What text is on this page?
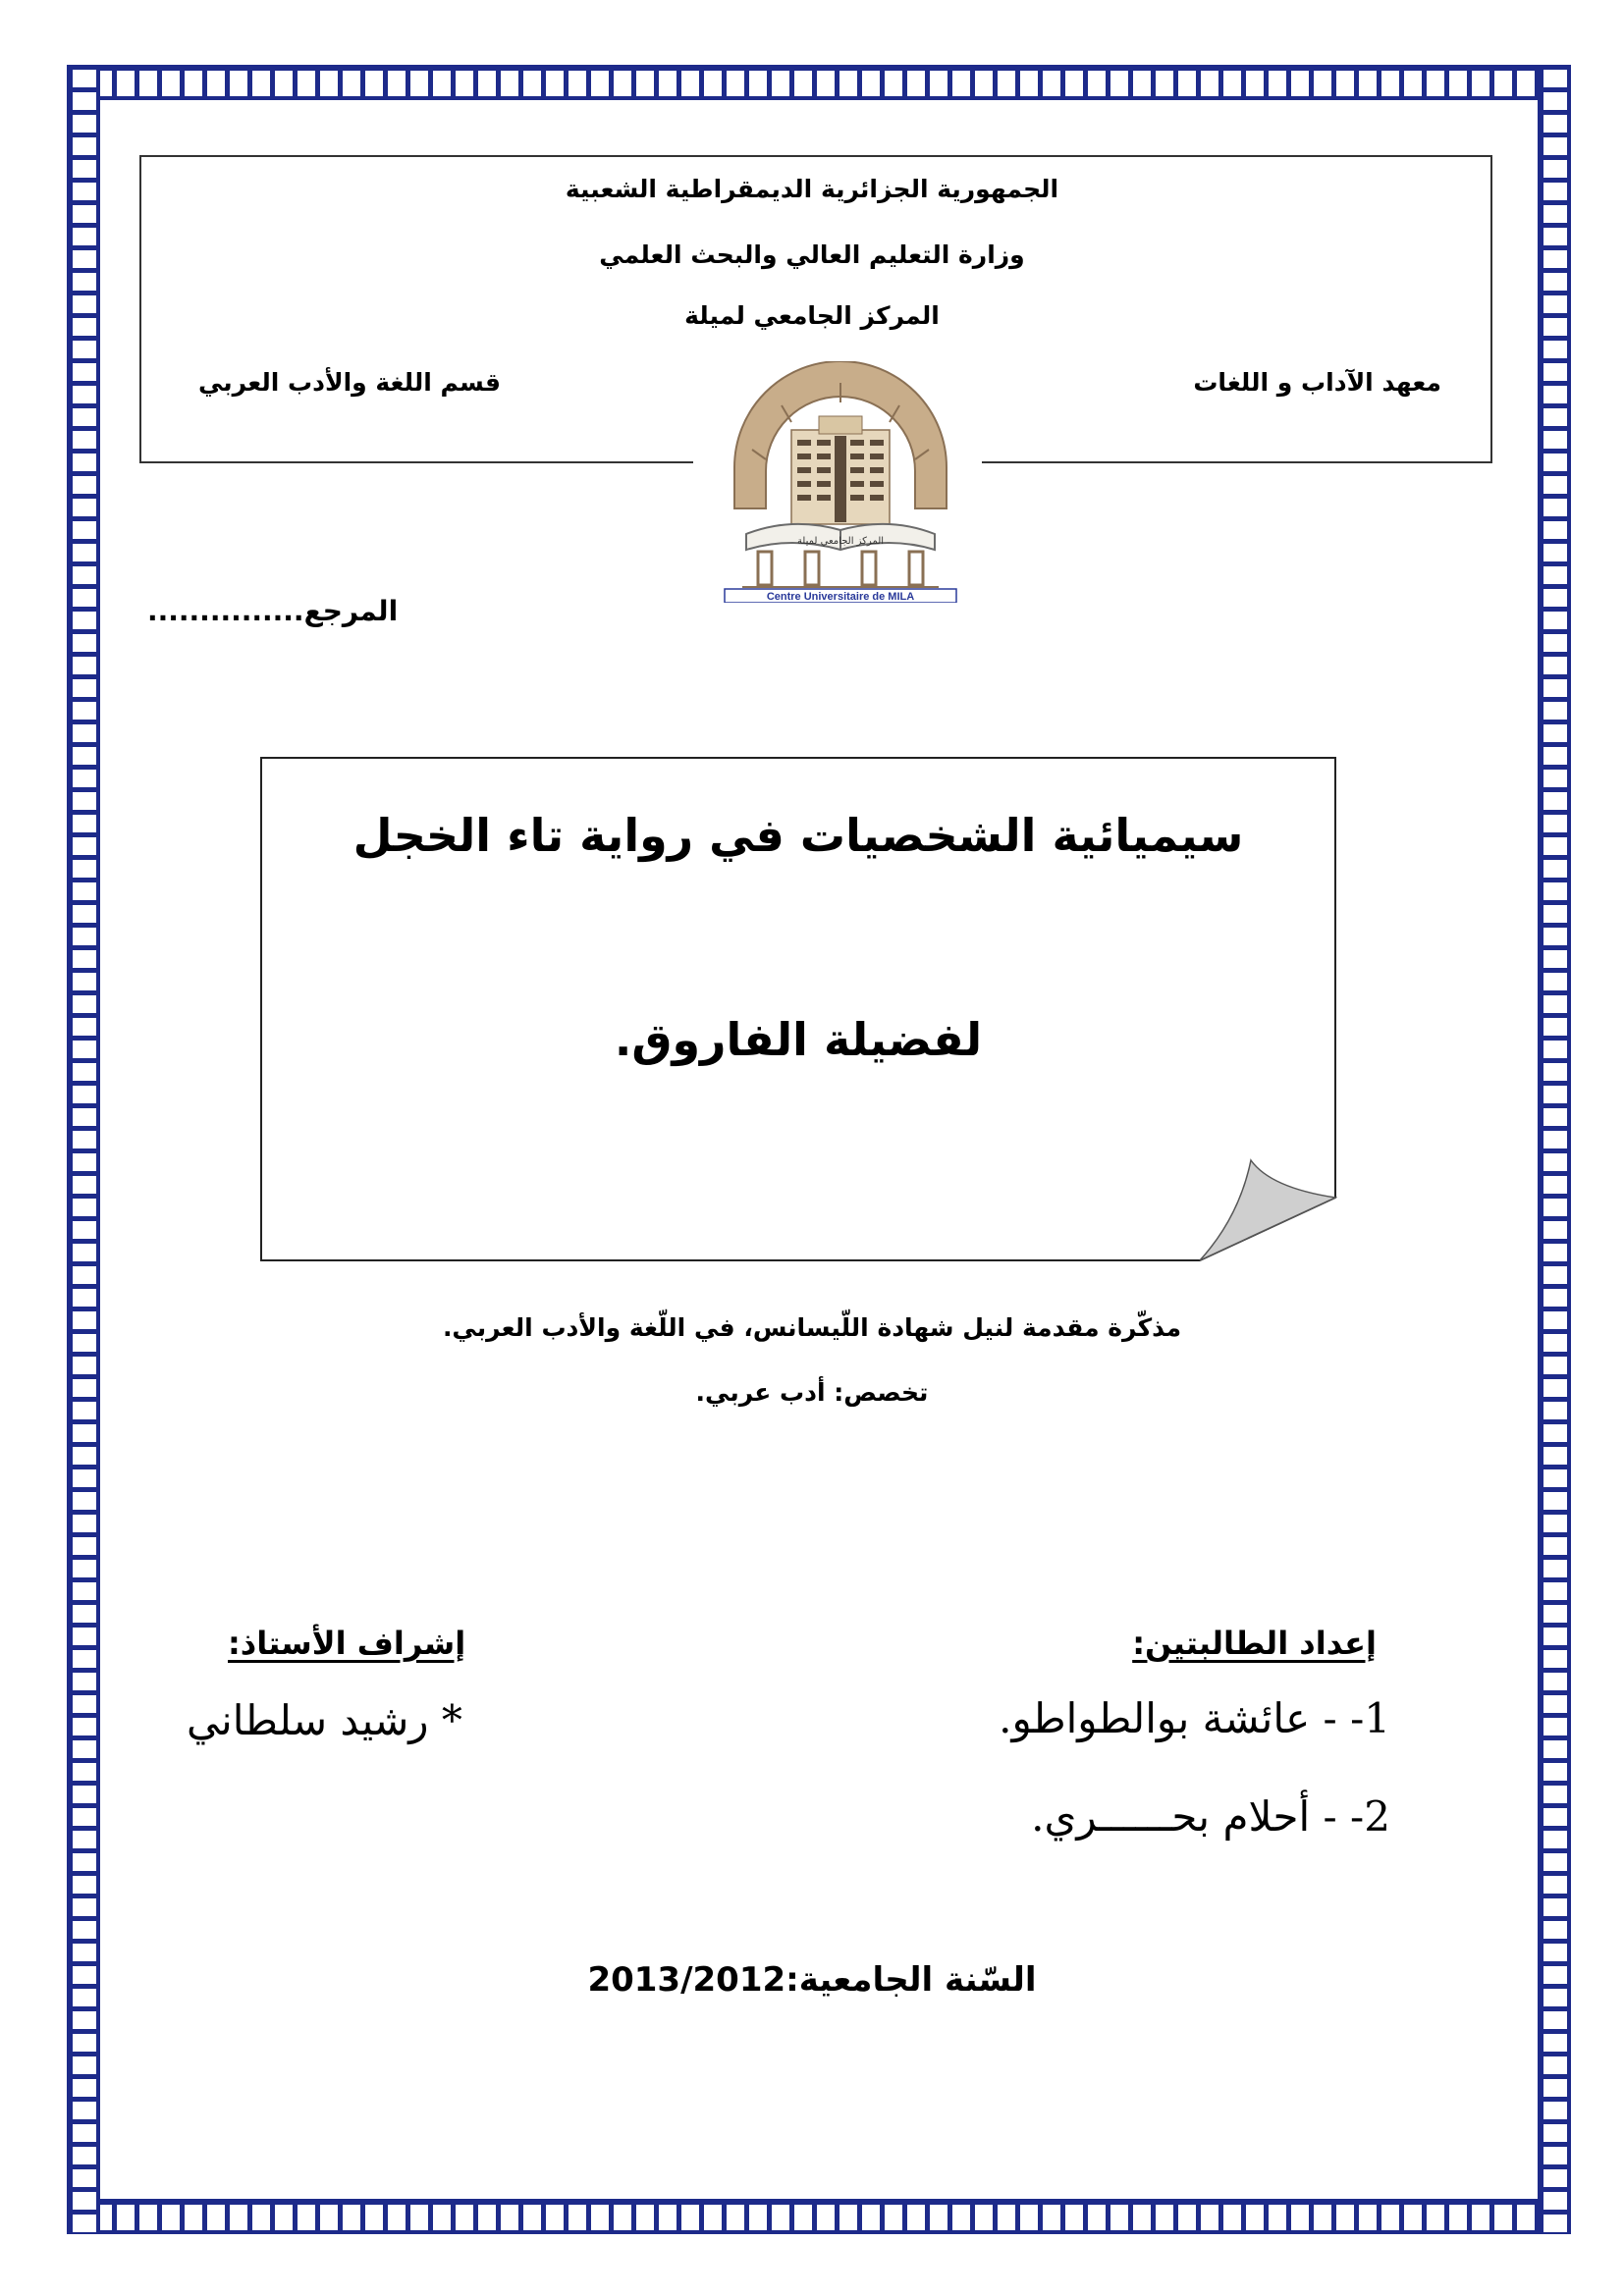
الجمهورية الجزائرية الديمقراطية الشعبية
وزارة التعليم العالي والبحث العلمي
المركز الجامعي لميلة
معهد الآداب و اللغات
قسم اللغة والأدب العربي
المركز الجامعي لميلة
Centre Universitaire de MILA
المرجع...............
سيميائية الشخصيات في رواية تاء الخجل
لفضيلة الفاروق.
مذكّرة مقدمة لنيل شهادة اللّيسانس، في اللّغة والأدب العربي.
تخصص: أدب عربي.
إعداد الطالبتين:
1- - عائشة بوالطواطو.
2- - أحلام بحــــــري.
إشراف الأستاذ:
* رشيد سلطاني
السّنة الجامعية:2013/2012
